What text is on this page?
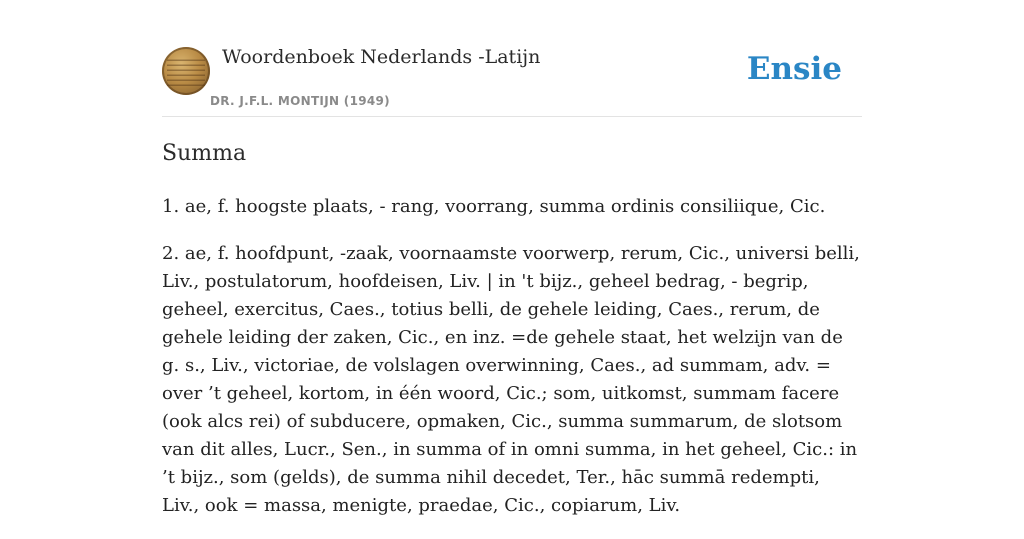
Woordenboek Nederlands -Latijn
DR. J.F.L. MONTIJN (1949)
Ensie
Summa

1. ae, f. hoogste plaats, - rang, voorrang, summa ordinis consiliique, Cic.

2. ae, f. hoofdpunt, -zaak, voornaamste voorwerp, rerum, Cic., universi belli, Liv., postulatorum, hoofdeisen, Liv. | in 't bijz., geheel bedrag, - begrip, geheel, exercitus, Caes., totius belli, de gehele leiding, Caes., rerum, de gehele leiding der zaken, Cic., en inz. =de gehele staat, het welzijn van de g. s., Liv., victoriae, de volslagen overwinning, Caes., ad summam, adv. = over ’t geheel, kortom, in één woord, Cic.; som, uitkomst, summam facere (ook alcs rei) of subducere, opmaken, Cic., summa summarum, de slotsom van dit alles, Lucr., Sen., in summa of in omni summa, in het geheel, Cic.: in ’t bijz., som (gelds), de summa nihil decedet, Ter., hāc summā redempti, Liv., ook = massa, menigte, praedae, Cic., copiarum, Liv.
